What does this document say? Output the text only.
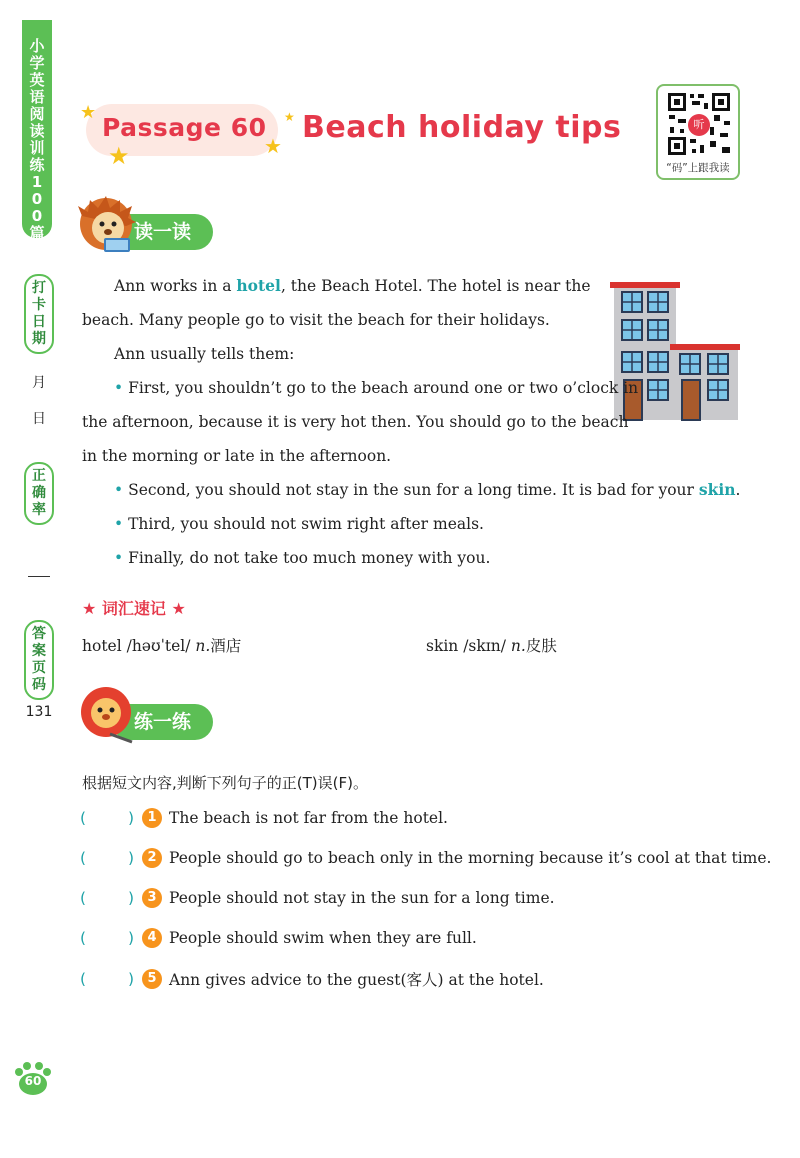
小
学
英
语
阅
读
训
练
1
0
0
篇
打
卡
日
期
月
日
正
确
率
答
案
页
码
131
★
★	★
★
Passage 60 Beach holiday tips	听
“码”上跟我读
读一读
Ann works in a hotel, the Beach Hotel. The hotel is near the
beach. Many people go to visit the beach for their holidays.
Ann usually tells them:
• First, you shouldn’t go to the beach around one or two o’clock in
the afternoon, because it is very hot then. You should go to the beach
in the morning or late in the afternoon.
• Second, you should not stay in the sun for a long time. It is bad for your skin.
• Third, you should not swim right after meals.
• Finally, do not take too much money with you.
★ 词汇速记 ★
hotel /həʊˈtel/ n.酒店	skin /skɪn/ n.皮肤
练一练
根据短文内容,判断下列句子的正(T)误(F)。
(	)	1 The beach is not far from the hotel.
(	)	2 People should go to beach only in the morning because it’s cool at that time.
(	)	3 People should not stay in the sun for a long time.
(	)	4 People should swim when they are full.
(	)	5 Ann gives advice to the guest(客人) at the hotel.
60
